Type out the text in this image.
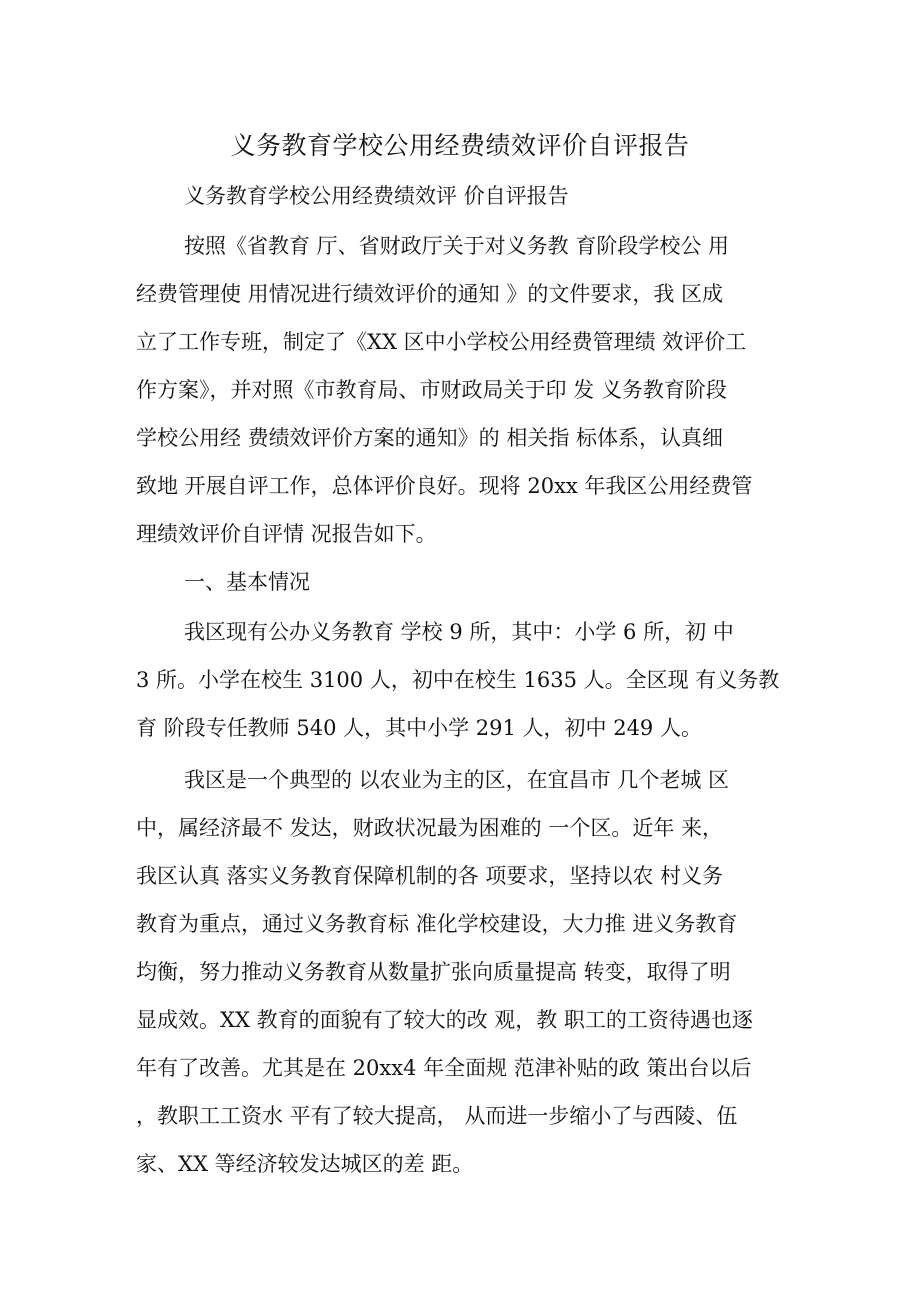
义务教育学校公用经费绩效评价自评报告
义务教育学校公用经费绩效评 价自评报告
按照《省教育 厅、省财政厅关于对义务教 育阶段学校公 用
经费管理使 用情况进行绩效评价的通知 》的文件要求，我 区成
立了工作专班，制定了《XX 区中小学校公用经费管理绩 效评价工
作方案》，并对照《市教育局、市财政局关于印 发 义务教育阶段
学校公用经 费绩效评价方案的通知》的 相关指 标体系，认真细
致地 开展自评工作，总体评价良好。现将 20xx 年我区公用经费管
理绩效评价自评情 况报告如下。
一、基本情况
我区现有公办义务教育 学校 9 所，其中：小学 6 所，初 中
3 所。小学在校生 3100 人，初中在校生 1635 人。全区现 有义务教
育 阶段专任教师 540 人，其中小学 291 人，初中 249 人。
我区是一个典型的 以农业为主的区，在宜昌市 几个老城 区
中，属经济最不 发达，财政状况最为困难的 一个区。近年 来，
我区认真 落实义务教育保障机制的各 项要求，坚持以农 村义务
教育为重点，通过义务教育标 准化学校建设，大力推 进义务教育
均衡，努力推动义务教育从数量扩张向质量提高 转变，取得了明
显成效。XX 教育的面貌有了较大的改 观，教 职工的工资待遇也逐
年有了改善。尤其是在 20xx4 年全面规 范津补贴的政 策出台以后
，教职工工资水 平有了较大提高， 从而进一步缩小了与西陵、伍
家、XX 等经济较发达城区的差 距。
